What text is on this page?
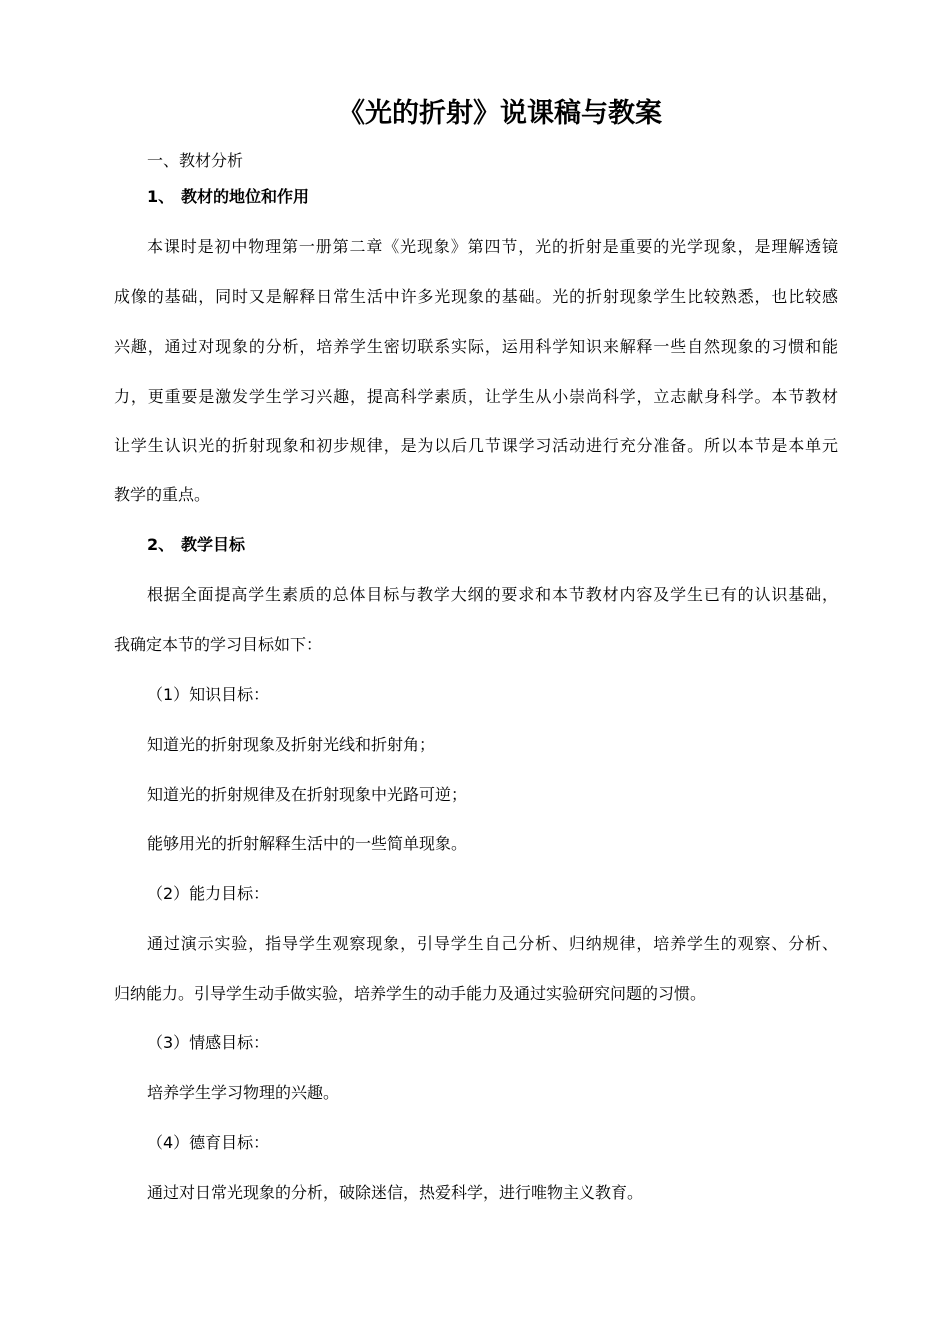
《光的折射》说课稿与教案
一、教材分析
1、 教材的地位和作用
本课时是初中物理第一册第二章《光现象》第四节，光的折射是重要的光学现象，是理解透镜
成像的基础，同时又是解释日常生活中许多光现象的基础。光的折射现象学生比较熟悉，也比较感
兴趣，通过对现象的分析，培养学生密切联系实际，运用科学知识来解释一些自然现象的习惯和能
力，更重要是激发学生学习兴趣，提高科学素质，让学生从小崇尚科学，立志献身科学。本节教材
让学生认识光的折射现象和初步规律，是为以后几节课学习活动进行充分准备。所以本节是本单元
教学的重点。
2、 教学目标
根据全面提高学生素质的总体目标与教学大纲的要求和本节教材内容及学生已有的认识基础，
我确定本节的学习目标如下：
（1）知识目标：
知道光的折射现象及折射光线和折射角；
知道光的折射规律及在折射现象中光路可逆；
能够用光的折射解释生活中的一些简单现象。
（2）能力目标：
通过演示实验，指导学生观察现象，引导学生自己分析、归纳规律，培养学生的观察、分析、
归纳能力。引导学生动手做实验，培养学生的动手能力及通过实验研究问题的习惯。
（3）情感目标：
培养学生学习物理的兴趣。
（4）德育目标：
通过对日常光现象的分析，破除迷信，热爱科学，进行唯物主义教育。
